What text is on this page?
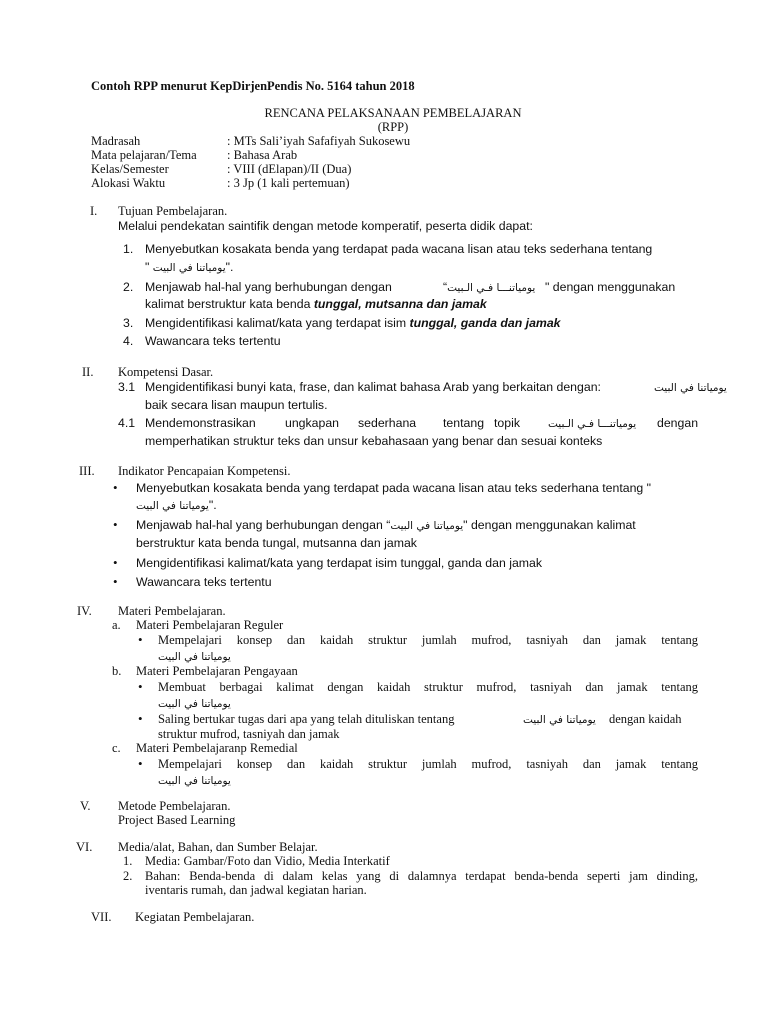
Contoh RPP menurut KepDirjenPendis No. 5164 tahun 2018
RENCANA PELAKSANAAN PEMBELAJARAN
(RPP)
Madrasah	: MTs Sali’iyah Safafiyah Sukosewu
Mata pelajaran/Tema : Bahasa Arab
Kelas/Semester	: VIII (dElapan)/II (Dua)
Alokasi Waktu	: 3 Jp (1 kali pertemuan)
I. Tujuan Pembelajaran.
Melalui pendekatan saintifik dengan metode komperatif, peserta didik dapat:
1. Menyebutkan kosakata benda yang terdapat pada wacana lisan atau teks sederhana tentang
" يومياتنا في البيت".
2. Menjawab hal-hal yang berhubungan dengan	“يومياتنـــا فـي الـبيت " dengan menggunakan
kalimat berstruktur kata benda tunggal, mutsanna dan jamak
3. Mengidentifikasi kalimat/kata yang terdapat isim tunggal, ganda dan jamak
4. Wawancara teks tertentu
II. Kompetensi Dasar.
3.1 Mengidentifikasi bunyi kata, frase, dan kalimat bahasa Arab yang berkaitan dengan:	يومياتنا في البيت
baik secara lisan maupun tertulis.
4.1 Mendemonstrasikan ungkapan sederhana tentang topik	يومياتنـــا فـي الـبيت dengan
memperhatikan struktur teks dan unsur kebahasaan yang benar dan sesuai konteks
III. Indikator Pencapaian Kompetensi.
• Menyebutkan kosakata benda yang terdapat pada wacana lisan atau teks sederhana tentang "
يومياتنا في البيت".
• Menjawab hal-hal yang berhubungan dengan “يومياتنا في البيت" dengan menggunakan kalimat
berstruktur kata benda tungal, mutsanna dan jamak
• Mengidentifikasi kalimat/kata yang terdapat isim tunggal, ganda dan jamak
• Wawancara teks tertentu
IV. Materi Pembelajaran.
a. Materi Pembelajaran Reguler
• Mempelajari konsep dan kaidah struktur jumlah mufrod, tasniyah dan jamak tentang
يومياتنا في البيت
b. Materi Pembelajaran Pengayaan
• Membuat berbagai kalimat dengan kaidah struktur mufrod, tasniyah dan jamak tentang
يومياتنا في البيت
• Saling bertukar tugas dari apa yang telah dituliskan tentang	يومياتنا في البيت dengan kaidah
struktur mufrod, tasniyah dan jamak
c. Materi Pembelajaranp Remedial
• Mempelajari konsep dan kaidah struktur jumlah mufrod, tasniyah dan jamak tentang
يومياتنا في البيت
V. Metode Pembelajaran.
Project Based Learning
VI. Media/alat, Bahan, dan Sumber Belajar.
1. Media: Gambar/Foto dan Vidio, Media Interkatif
2. Bahan: Benda-benda di dalam kelas yang di dalamnya terdapat benda-benda seperti jam dinding,
iventaris rumah, dan jadwal kegiatan harian.
VII. Kegiatan Pembelajaran.
